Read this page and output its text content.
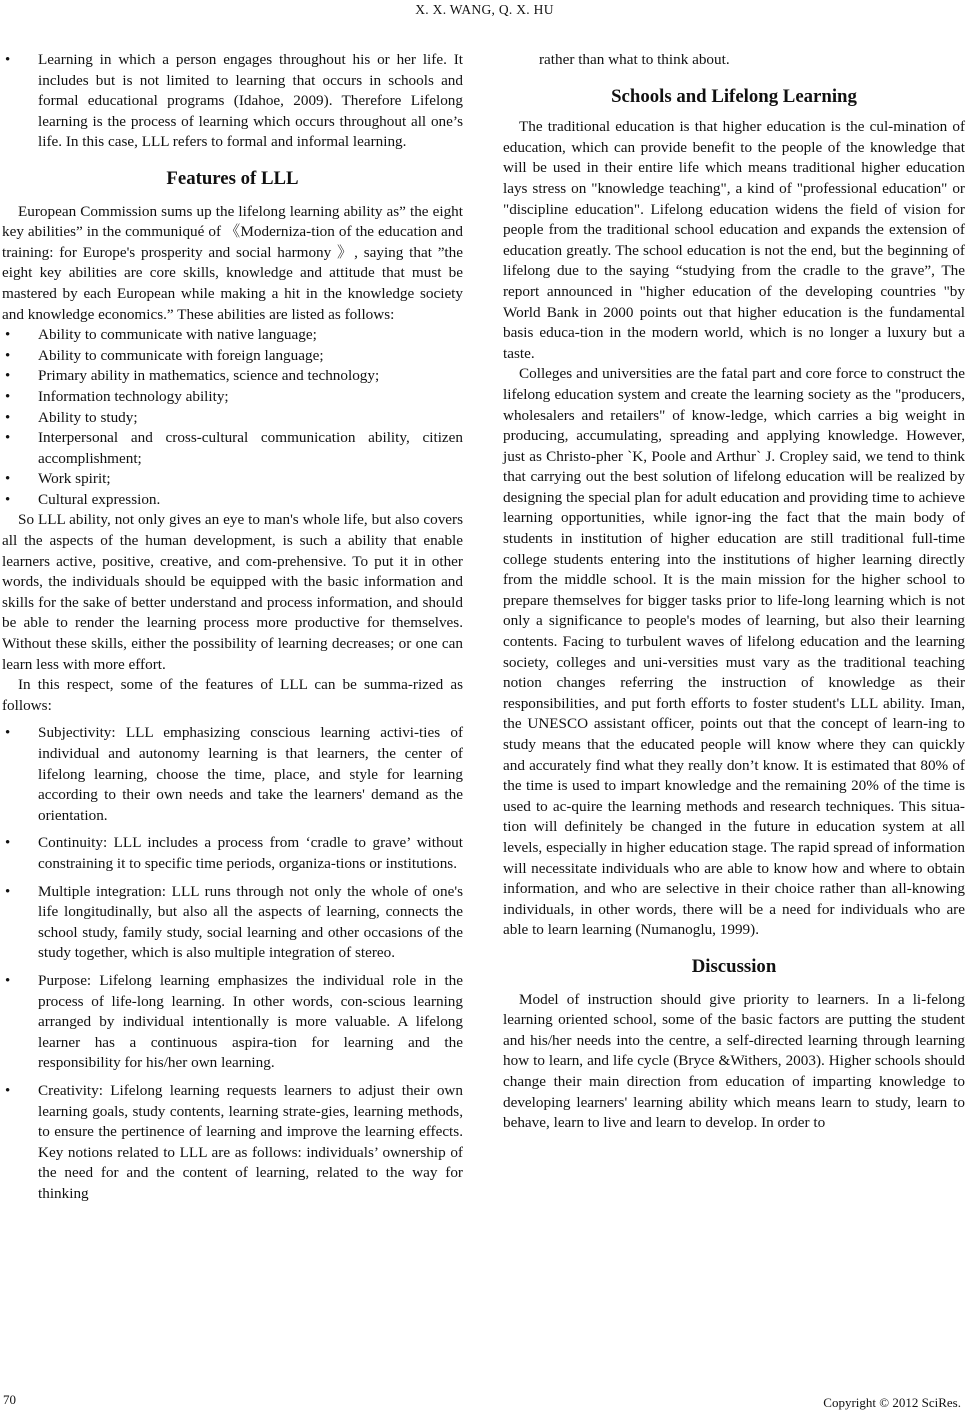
X. X. WANG, Q. X. HU
• Learning in which a person engages throughout his or her life. It includes but is not limited to learning that occurs in schools and formal educational programs (Idahoe, 2009). Therefore Lifelong learning is the process of learning which occurs throughout all one’s life. In this case, LLL refers to formal and informal learning.
Features of LLL

European Commission sums up the lifelong learning ability as” the eight key abilities” in the communiqué of 《Moderniza-tion of the education and training: for Europe's prosperity and social harmony 》, saying that ”the eight key abilities are core skills, knowledge and attitude that must be mastered by each European while making a hit in the knowledge society and knowledge economics.” These abilities are listed as follows:

• Ability to communicate with native language;
• Ability to communicate with foreign language;
• Primary ability in mathematics, science and technology;
• Information technology ability;
• Ability to study;
• Interpersonal and cross-cultural communication ability, citizen accomplishment;
• Work spirit;
• Cultural expression.

So LLL ability, not only gives an eye to man's whole life, but also covers all the aspects of the human development, is such a ability that enable learners active, positive, creative, and com-prehensive. To put it in other words, the individuals should be equipped with the basic information and skills for the sake of better understand and process information, and should be able to render the learning process more productive for themselves. Without these skills, either the possibility of learning decreases; or one can learn less with more effort.

In this respect, some of the features of LLL can be summa-rized as follows:

• Subjectivity: LLL emphasizing conscious learning activi-ties of individual and autonomy learning is that learners, the center of lifelong learning, choose the time, place, and style for learning according to their own needs and take the learners' demand as the orientation.
• Continuity: LLL includes a process from ‘cradle to grave’ without constraining it to specific time periods, organiza-tions or institutions.
• Multiple integration: LLL runs through not only the whole of one's life longitudinally, but also all the aspects of learning, connects the school study, family study, social learning and other occasions of the study together, which is also multiple integration of stereo.
• Purpose: Lifelong learning emphasizes the individual role in the process of life-long learning. In other words, con-scious learning arranged by individual intentionally is more valuable. A lifelong learner has a continuous aspira-tion for learning and the responsibility for his/her own learning.
• Creativity: Lifelong learning requests learners to adjust their own learning goals, study contents, learning strate-gies, learning methods, to ensure the pertinence of learning and improve the learning effects. Key notions related to LLL are as follows: individuals’ ownership of the need for and the content of learning, related to the way for thinking

rather than what to think about.

Schools and Lifelong Learning

The traditional education is that higher education is the cul-mination of education, which can provide benefit to the people of the knowledge that will be used in their entire life which means traditional higher education lays stress on "knowledge teaching", a kind of "professional education" or "discipline education". Lifelong education widens the field of vision for people from the traditional school education and expands the extension of education greatly. The school education is not the end, but the beginning of lifelong due to the saying “studying from the cradle to the grave”, The report announced in "higher education of the developing countries "by World Bank in 2000 points out that higher education is the fundamental basis educa-tion in the modern world, which is no longer a luxury but a taste.

Colleges and universities are the fatal part and core force to construct the lifelong education system and create the learning society as the "producers, wholesalers and retailers" of know-ledge, which carries a big weight in producing, accumulating, spreading and applying knowledge. However, just as Christo-pher `K, Poole and Arthur` J. Cropley said, we tend to think that carrying out the best solution of lifelong education will be realized by designing the special plan for adult education and providing time to achieve learning opportunities, while ignor-ing the fact that the main body of students in institution of higher education are still traditional full-time college students entering into the institutions of higher learning directly from the middle school. It is the main mission for the higher school to prepare themselves for bigger tasks prior to life-long learning which is not only a significance to people's modes of learning, but also their learning contents. Facing to turbulent waves of lifelong education and the learning society, colleges and uni-versities must vary as the traditional teaching notion changes referring the instruction of knowledge as their responsibilities, and put forth efforts to foster student's LLL ability. Iman, the UNESCO assistant officer, points out that the concept of learn-ing to study means that the educated people will know where they can quickly and accurately find what they really don’t know. It is estimated that 80% of the time is used to impart knowledge and the remaining 20% of the time is used to ac-quire the learning methods and research techniques. This situa-tion will definitely be changed in the future in education system at all levels, especially in higher education stage. The rapid spread of information will necessitate individuals who are able to know how and where to obtain information, and who are selective in their choice rather than all-knowing individuals, in other words, there will be a need for individuals who are able to learn learning (Numanoglu, 1999).

Discussion

Model of instruction should give priority to learners. In a li-felong learning oriented school, some of the basic factors are putting the student and his/her needs into the centre, a self-directed learning through learning how to learn, and life cycle (Bryce &Withers, 2003). Higher schools should change their main direction from education of imparting knowledge to developing learners' learning ability which means learn to study, learn to behave, learn to live and learn to develop. In order to

70	Copyright © 2012 SciRes.
